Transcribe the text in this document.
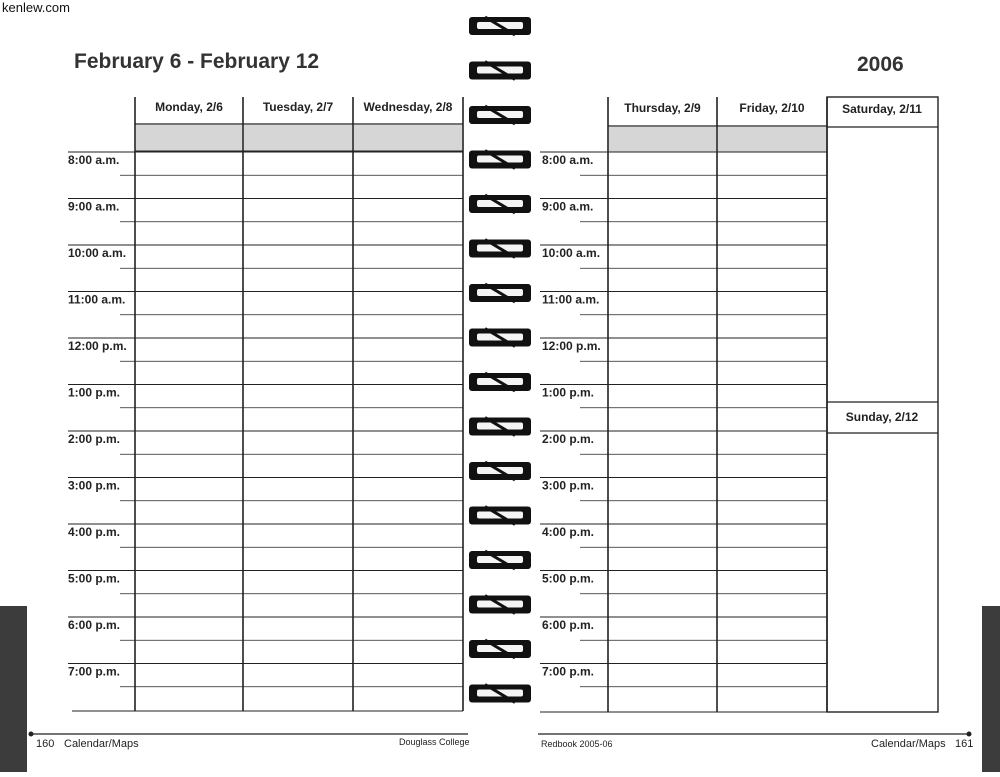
kenlew.com
February 6 - February 12	2006
Monday, 2/6	Tuesday, 2/7	Wednesday, 2/8
8:00 a.m.
9:00 a.m.
10:00 a.m.
11:00 a.m.
12:00 p.m.
1:00 p.m.
2:00 p.m.
3:00 p.m.
4:00 p.m.
5:00 p.m.
6:00 p.m.
7:00 p.m.
Thursday, 2/9	Friday, 2/10
8:00 a.m.
9:00 a.m.
10:00 a.m.
11:00 a.m.
12:00 p.m.
1:00 p.m.
2:00 p.m.
3:00 p.m.
4:00 p.m.
5:00 p.m.
6:00 p.m.
7:00 p.m.
Saturday, 2/11
Sunday, 2/12
160 Calendar/Maps	Douglass College	Redbook 2005-06	Calendar/Maps 161
